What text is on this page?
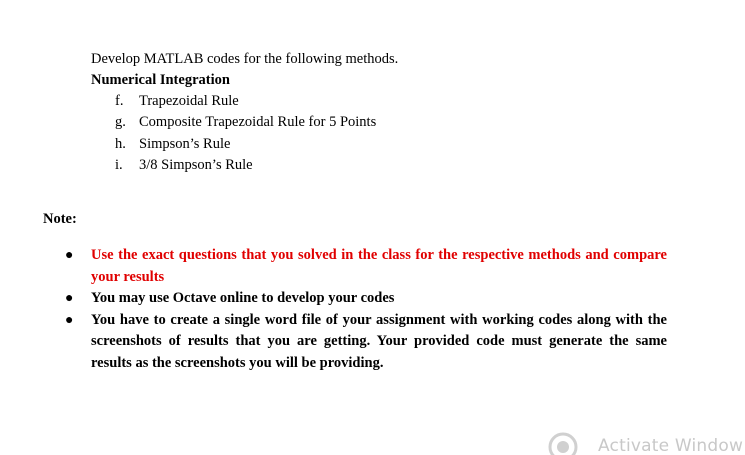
Develop MATLAB codes for the following methods.

Numerical Integration

f.	Trapezoidal Rule
g. Composite Trapezoidal Rule for 5 Points
h. Simpson’s Rule
i.	3/8 Simpson’s Rule

Note:

●	Use the exact questions that you solved in the class for the respective methods and compare your results
●	You may use Octave online to develop your codes
●	You have to create a single word file of your assignment with working codes along with the screenshots of results that you are getting. Your provided code must generate the same results as the screenshots you will be providing.
Activate Window
